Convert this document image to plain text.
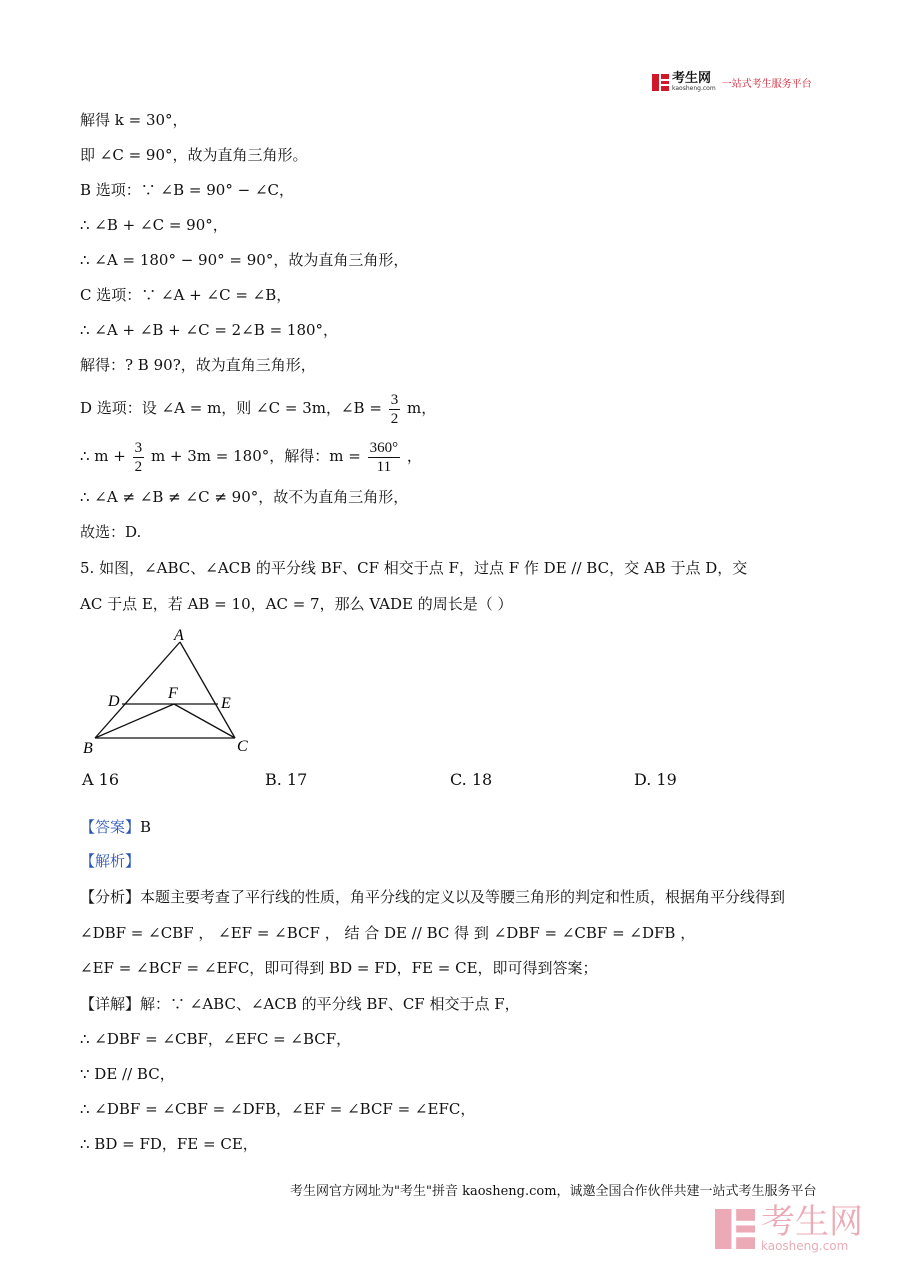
考生网
kaosheng.com 一站式考生服务平台
解得 k = 30°，
即 ∠C = 90°，故为直角三角形。
B 选项：∵ ∠B = 90° − ∠C，
∴ ∠B + ∠C = 90°，
∴ ∠A = 180° − 90° = 90°，故为直角三角形，
C 选项：∵ ∠A + ∠C = ∠B，
∴ ∠A + ∠B + ∠C = 2∠B = 180°，
解得：? B 90?，故为直角三角形，
D 选项：设 ∠A = m，则 ∠C = 3m，∠B = $\frac{3}{2}$ m，
∴ $m + \frac{3}{2}$ m + 3m = 180°，解得：$m = \frac{360^\circ}{11}$ ，
∴ ∠A ≠ ∠B ≠ ∠C ≠ 90°，故不为直角三角形，
故选：D.
5. 如图，∠ABC、∠ACB 的平分线 BF、CF 相交于点 F，过点 F 作 DE // BC，交 AB 于点 D，交
AC 于点 E，若 AB = 10，AC = 7，那么 VADE 的周长是（ ）
A
D	F
E
B	C
A 16	B. 17	C. 18	D. 19
【答案】B
【解析】
【分析】本题主要考查了平行线的性质，角平分线的定义以及等腰三角形的判定和性质，根据角平分线得到
∠DBF = ∠CBF ， ∠EF = ∠BCF ， 结 合 DE // BC 得 到 ∠DBF = ∠CBF = ∠DFB ，
∠EF = ∠BCF = ∠EFC，即可得到 BD = FD，FE = CE，即可得到答案；
【详解】解：∵ ∠ABC、∠ACB 的平分线 BF、CF 相交于点 F，
∴ ∠DBF = ∠CBF，∠EFC = ∠BCF，
∵ DE // BC，
∴ ∠DBF = ∠CBF = ∠DFB，∠EF = ∠BCF = ∠EFC，
∴ BD = FD，FE = CE，
考生网官方网址为"考生"拼音 kaosheng.com，诚邀全国合作伙伴共建一站式考生服务平台
考生网
kaosheng.com
